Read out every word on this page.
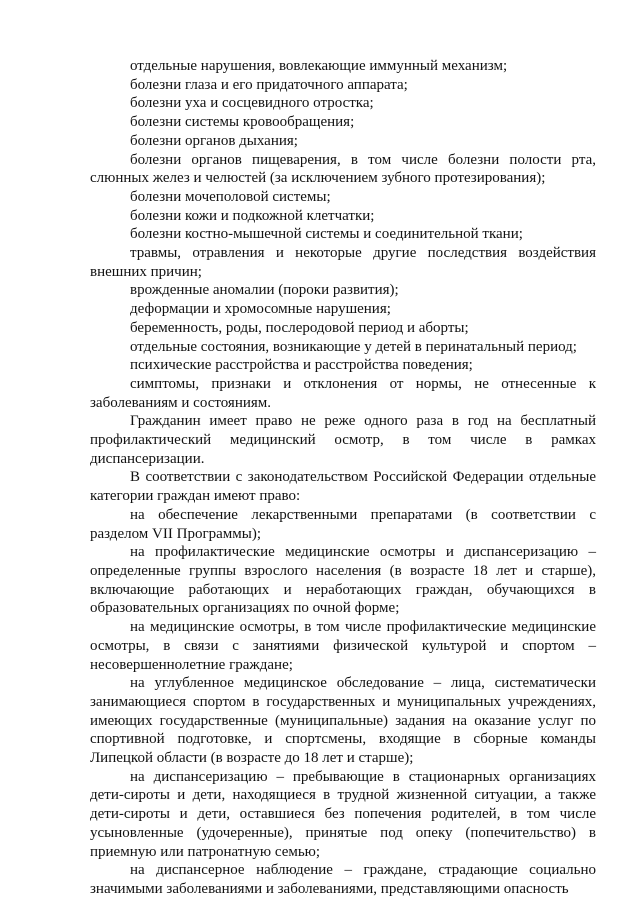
отдельные нарушения, вовлекающие иммунный механизм;

болезни глаза и его придаточного аппарата;

болезни уха и сосцевидного отростка;

болезни системы кровообращения;

болезни органов дыхания;

болезни органов пищеварения, в том числе болезни полости рта, слюнных желез и челюстей (за исключением зубного протезирования);

болезни мочеполовой системы;

болезни кожи и подкожной клетчатки;

болезни костно-мышечной системы и соединительной ткани;

травмы, отравления и некоторые другие последствия воздействия внешних причин;

врожденные аномалии (пороки развития);

деформации и хромосомные нарушения;

беременность, роды, послеродовой период и аборты;

отдельные состояния, возникающие у детей в перинатальный период;

психические расстройства и расстройства поведения;

симптомы, признаки и отклонения от нормы, не отнесенные к заболеваниям и состояниям.

Гражданин имеет право не реже одного раза в год на бесплатный профилактический медицинский осмотр, в том числе в рамках диспансеризации.

В соответствии с законодательством Российской Федерации отдельные категории граждан имеют право:

на обеспечение лекарственными препаратами (в соответствии с разделом VII Программы);

на профилактические медицинские осмотры и диспансеризацию – определенные группы взрослого населения (в возрасте 18 лет и старше), включающие работающих и неработающих граждан, обучающихся в образовательных организациях по очной форме;

на медицинские осмотры, в том числе профилактические медицинские осмотры, в связи с занятиями физической культурой и спортом – несовершеннолетние граждане;

на углубленное медицинское обследование – лица, систематически занимающиеся спортом в государственных и муниципальных учреждениях, имеющих государственные (муниципальные) задания на оказание услуг по спортивной подготовке, и спортсмены, входящие в сборные команды Липецкой области (в возрасте до 18 лет и старше);

на диспансеризацию – пребывающие в стационарных организациях дети-сироты и дети, находящиеся в трудной жизненной ситуации, а также дети-сироты и дети, оставшиеся без попечения родителей, в том числе усыновленные (удочеренные), принятые под опеку (попечительство) в приемную или патронатную семью;

на диспансерное наблюдение – граждане, страдающие социально значимыми заболеваниями и заболеваниями, представляющими опасность
